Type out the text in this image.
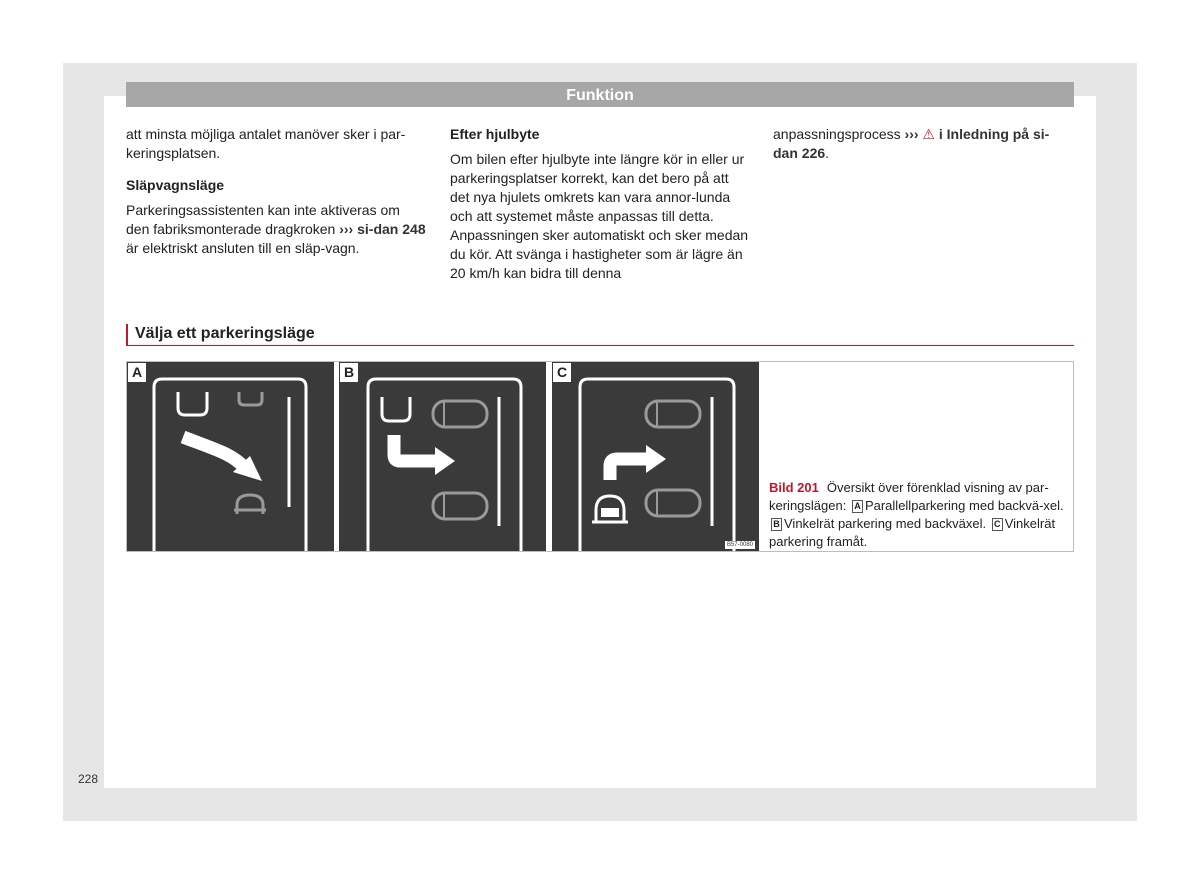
Funktion

att minsta möjliga antalet manöver sker i par-keringsplatsen.

Släpvagnsläge

Parkeringsassistenten kan inte aktiveras om den fabriksmonterade dragkroken ››› si-dan 248 är elektriskt ansluten till en släp-vagn.

Efter hjulbyte

Om bilen efter hjulbyte inte längre kör in eller ur parkeringsplatser korrekt, kan det bero på att det nya hjulets omkrets kan vara annor-lunda och att systemet måste anpassas till detta. Anpassningen sker automatiskt och sker medan du kör. Att svänga i hastigheter som är lägre än 20 km/h kan bidra till denna

anpassningsprocess ››› ⚠ i Inledning på si-dan 226.

Välja ett parkeringsläge
A	B	C
B57-0080
Bild 201 Översikt över förenklad visning av par-keringslägen: A Parallellparkering med backvä-xel. B Vinkelrät parkering med backväxel. C Vinkelrät parkering framåt.
228
